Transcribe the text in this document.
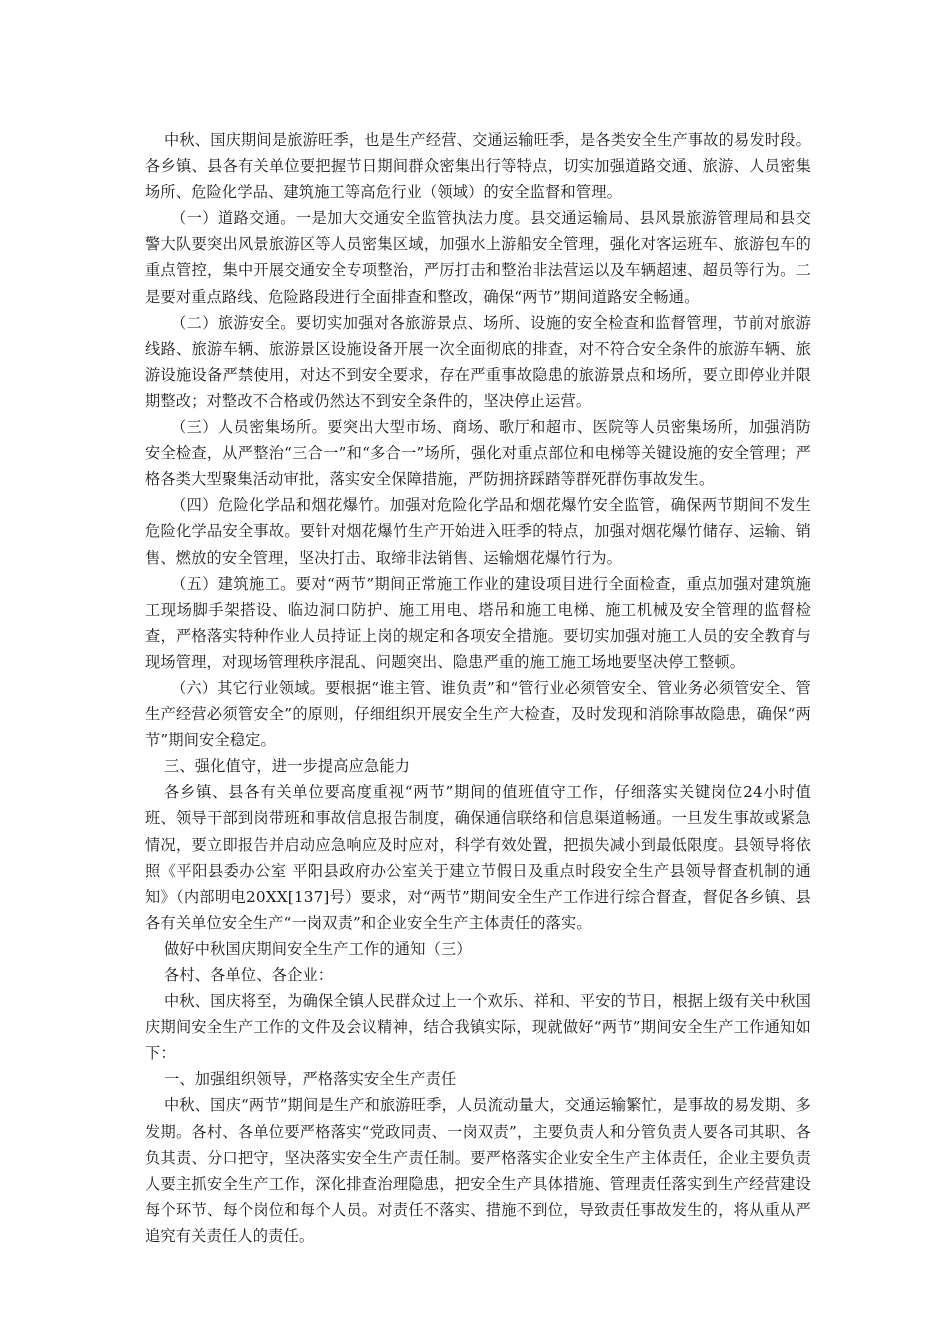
中秋、国庆期间是旅游旺季，也是生产经营、交通运输旺季，是各类安全生产事故的易发时段。各乡镇、县各有关单位要把握节日期间群众密集出行等特点，切实加强道路交通、旅游、人员密集场所、危险化学品、建筑施工等高危行业（领域）的安全监督和管理。

（一）道路交通。一是加大交通安全监管执法力度。县交通运输局、县风景旅游管理局和县交警大队要突出风景旅游区等人员密集区域，加强水上游船安全管理，强化对客运班车、旅游包车的重点管控，集中开展交通安全专项整治，严厉打击和整治非法营运以及车辆超速、超员等行为。二是要对重点路线、危险路段进行全面排查和整改，确保“两节”期间道路安全畅通。

（二）旅游安全。要切实加强对各旅游景点、场所、设施的安全检查和监督管理，节前对旅游线路、旅游车辆、旅游景区设施设备开展一次全面彻底的排查，对不符合安全条件的旅游车辆、旅游设施设备严禁使用，对达不到安全要求，存在严重事故隐患的旅游景点和场所，要立即停业并限期整改；对整改不合格或仍然达不到安全条件的，坚决停止运营。

（三）人员密集场所。要突出大型市场、商场、歌厅和超市、医院等人员密集场所，加强消防安全检查，从严整治“三合一”和“多合一”场所，强化对重点部位和电梯等关键设施的安全管理；严格各类大型聚集活动审批，落实安全保障措施，严防拥挤踩踏等群死群伤事故发生。

（四）危险化学品和烟花爆竹。加强对危险化学品和烟花爆竹安全监管，确保两节期间不发生危险化学品安全事故。要针对烟花爆竹生产开始进入旺季的特点，加强对烟花爆竹储存、运输、销售、燃放的安全管理，坚决打击、取缔非法销售、运输烟花爆竹行为。

（五）建筑施工。要对“两节”期间正常施工作业的建设项目进行全面检查，重点加强对建筑施工现场脚手架搭设、临边洞口防护、施工用电、塔吊和施工电梯、施工机械及安全管理的监督检查，严格落实特种作业人员持证上岗的规定和各项安全措施。要切实加强对施工人员的安全教育与现场管理，对现场管理秩序混乱、问题突出、隐患严重的施工施工场地要坚决停工整顿。

（六）其它行业领域。要根据“谁主管、谁负责”和“管行业必须管安全、管业务必须管安全、管生产经营必须管安全”的原则，仔细组织开展安全生产大检查，及时发现和消除事故隐患，确保“两节”期间安全稳定。

三、强化值守，进一步提高应急能力

各乡镇、县各有关单位要高度重视“两节”期间的值班值守工作，仔细落实关键岗位24小时值班、领导干部到岗带班和事故信息报告制度，确保通信联络和信息渠道畅通。一旦发生事故或紧急情况，要立即报告并启动应急响应及时应对，科学有效处置，把损失减小到最低限度。县领导将依照《平阳县委办公室 平阳县政府办公室关于建立节假日及重点时段安全生产县领导督查机制的通知》（内部明电20XX[137]号）要求，对“两节”期间安全生产工作进行综合督查，督促各乡镇、县各有关单位安全生产“一岗双责”和企业安全生产主体责任的落实。

做好中秋国庆期间安全生产工作的通知（三）

各村、各单位、各企业：

中秋、国庆将至，为确保全镇人民群众过上一个欢乐、祥和、平安的节日，根据上级有关中秋国庆期间安全生产工作的文件及会议精神，结合我镇实际，现就做好“两节”期间安全生产工作通知如下：

一、加强组织领导，严格落实安全生产责任

中秋、国庆“两节”期间是生产和旅游旺季，人员流动量大，交通运输繁忙，是事故的易发期、多发期。各村、各单位要严格落实“党政同责、一岗双责”，主要负责人和分管负责人要各司其职、各负其责、分口把守，坚决落实安全生产责任制。要严格落实企业安全生产主体责任，企业主要负责人要主抓安全生产工作，深化排查治理隐患，把安全生产具体措施、管理责任落实到生产经营建设每个环节、每个岗位和每个人员。对责任不落实、措施不到位，导致责任事故发生的，将从重从严追究有关责任人的责任。
